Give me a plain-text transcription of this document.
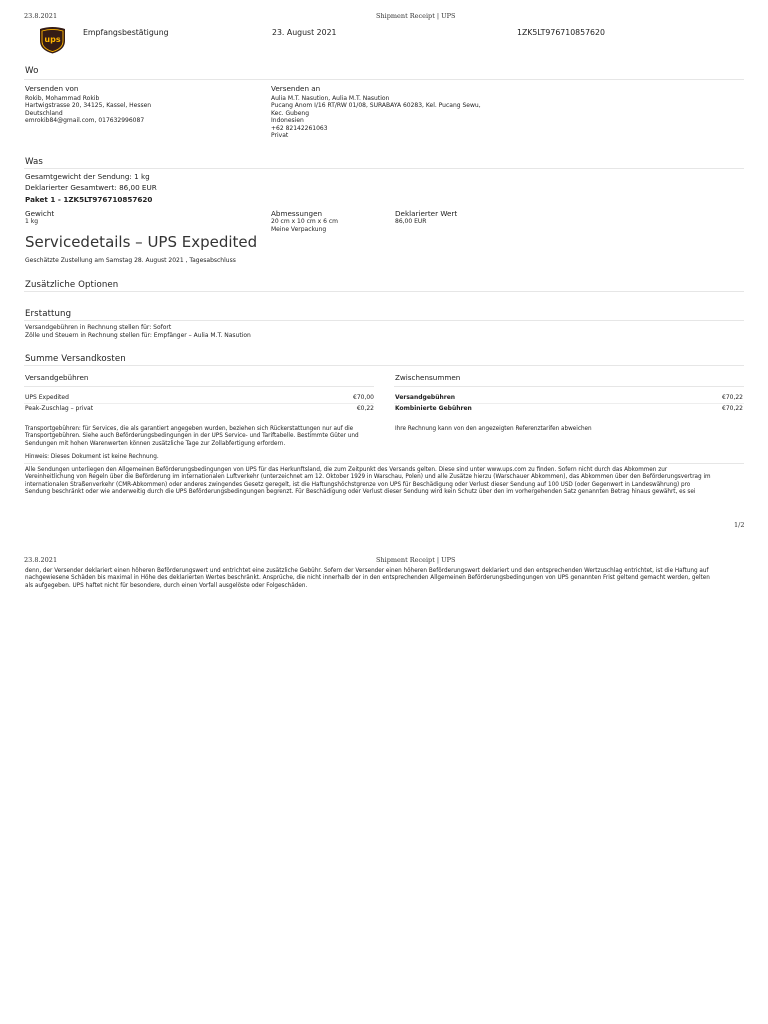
23.8.2021	Shipment Receipt | UPS
ups
Empfangsbestätigung	23. August 2021	1ZK5LT976710857620
Wo
Versenden von
Rokib, Mohammad Rokib
Hartwigstrasse 20, 34125, Kassel, Hessen
Deutschland
emrokib84@gmail.com, 017632996087
Versenden an
Aulia M.T. Nasution, Aulia M.T. Nasution
Pucang Anom I/16 RT/RW 01/08, SURABAYA 60283, Kel. Pucang Sewu,
Kec. Gubeng
Indonesien
+62 82142261063
Privat
Was
Gesamtgewicht der Sendung: 1 kg
Deklarierter Gesamtwert: 86,00 EUR
Paket 1 - 1ZK5LT976710857620
Gewicht
1 kg
Abmessungen
20 cm x 10 cm x 6 cm
Meine Verpackung
Deklarierter Wert
86,00 EUR
Servicedetails – UPS Expedited
Geschätzte Zustellung am Samstag 28. August 2021 , Tagesabschluss
Zusätzliche Optionen
Erstattung
Versandgebühren in Rechnung stellen für: Sofort
Zölle und Steuern in Rechnung stellen für: Empfänger – Aulia M.T. Nasution
Summe Versandkosten
Versandgebühren	Zwischensummen
UPS Expedited	€70,00
Peak-Zuschlag – privat	€0,22
Versandgebühren	€70,22
Kombinierte Gebühren	€70,22
Transportgebühren: für Services, die als garantiert angegeben wurden, beziehen sich Rückerstattungen nur auf die
Transportgebühren. Siehe auch Beförderungsbedingungen in der UPS Service- und Tariftabelle. Bestimmte Güter und
Sendungen mit hohen Warenwerten können zusätzliche Tage zur Zollabfertigung erfordern.
Ihre Rechnung kann von den angezeigten Referenztarifen abweichen
Hinweis: Dieses Dokument ist keine Rechnung.
Alle Sendungen unterliegen den Allgemeinen Beförderungsbedingungen von UPS für das Herkunftsland, die zum Zeitpunkt des Versands gelten. Diese sind unter www.ups.com zu finden. Sofern nicht durch das Abkommen zur
Vereinheitlichung von Regeln über die Beförderung im internationalen Luftverkehr (unterzeichnet am 12. Oktober 1929 in Warschau, Polen) und alle Zusätze hierzu (Warschauer Abkommen), das Abkommen über den Beförderungsvertrag im
internationalen Straßenverkehr (CMR-Abkommen) oder anderes zwingendes Gesetz geregelt, ist die Haftungshöchstgrenze von UPS für Beschädigung oder Verlust dieser Sendung auf 100 USD (oder Gegenwert in Landeswährung) pro
Sendung beschränkt oder wie anderweitig durch die UPS Beförderungsbedingungen begrenzt. Für Beschädigung oder Verlust dieser Sendung wird kein Schutz über den im vorhergehenden Satz genannten Betrag hinaus gewährt, es sei
1/2
23.8.2021	Shipment Receipt | UPS
denn, der Versender deklariert einen höheren Beförderungswert und entrichtet eine zusätzliche Gebühr. Sofern der Versender einen höheren Beförderungswert deklariert und den entsprechenden Wertzuschlag entrichtet, ist die Haftung auf
nachgewiesene Schäden bis maximal in Höhe des deklarierten Wertes beschränkt. Ansprüche, die nicht innerhalb der in den entsprechenden Allgemeinen Beförderungsbedingungen von UPS genannten Frist geltend gemacht werden, gelten
als aufgegeben. UPS haftet nicht für besondere, durch einen Vorfall ausgelöste oder Folgeschäden.
